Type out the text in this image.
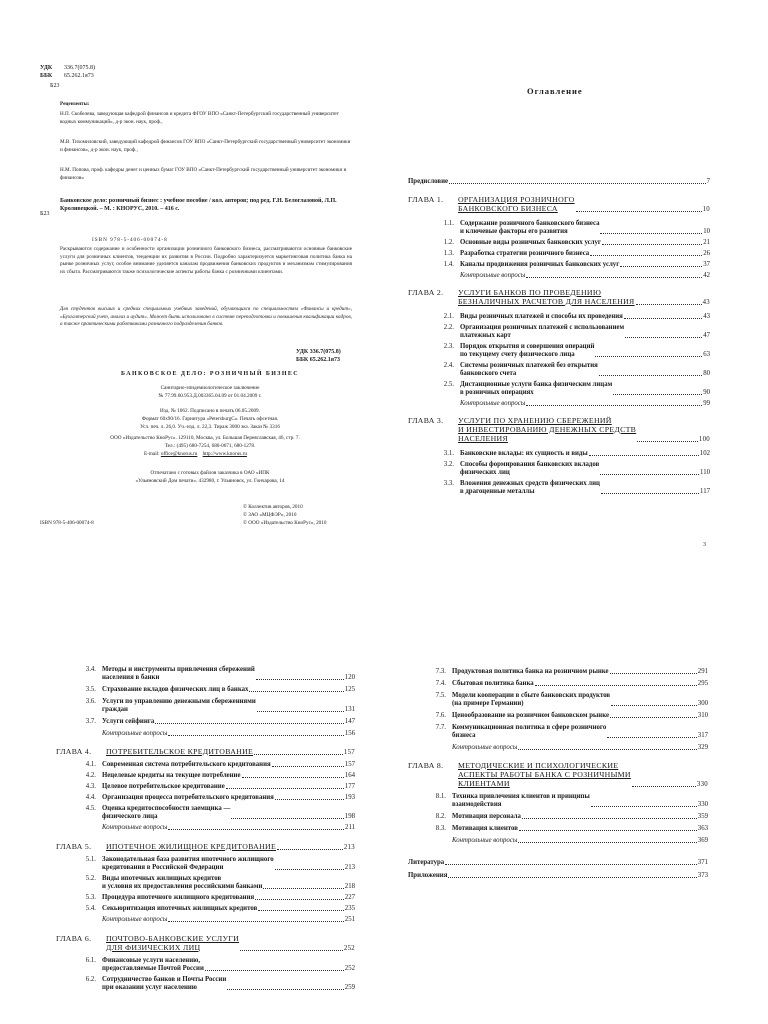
УДК 336.7(075.8)
ББК 65.262.1я73
Б23
Рецензенты:
Н.П. Скобелева, заведующая кафедрой финансов и кредита ФГОУ ВПО «Санкт-Петербургский государственный университет водных коммуникаций», д-р экон. наук, проф.,
М.В. Тихомиловский, заведующий кафедрой финансов ГОУ ВПО «Санкт-Петербургский государственный университет экономики и финансов», д-р экон. наук, проф.,
Н.М. Попова, проф. кафедры денег и ценных бумаг ГОУ ВПО «Санкт-Петербургский государственный университет экономики и финансов»
Б23
Банковское дело: розничный бизнес : учебное пособие / кол. авторов; под ред. Г.Н. Белоглазовой, Л.П. Кроливецкой. – М. : КНОРУС, 2010. – 416 с.
ISBN 978-5-406-00074-8
Раскрываются содержание и особенности организации розничного банковского бизнеса, рассматриваются основные банковские услуги для розничных клиентов, тенденции их развития в России. Подробно характеризуется маркетинговая политика банка на рынке розничных услуг, особое внимание уделяется каналам продвижения банковских продуктов и механизмам стимулирования их сбыта. Рассматриваются также психологические аспекты работы банка с розничными клиентами.
Для студентов высших и средних специальных учебных заведений, обучающихся по специальностям «Финансы и кредит», «Бухгалтерский учет, анализ и аудит». Может быть использовано в системе переподготовки и повышения квалификации кадров, а также практическими работниками розничного подразделения банков.
УДК 336.7(075.8)
ББК 65.262.1я73
БАНКОВСКОЕ ДЕЛО: РОЗНИЧНЫЙ БИЗНЕС
Санитарно-эпидемиологическое заключение
№ 77.99.60.953.Д.003365.04.09 от 01.04.2009 г.
Изд. № 1062. Подписано в печать 06.05.2009.
Формат 60х90/16. Гарнитура «PetersburgC». Печать офсетная.
Усл. печ. л. 26,0. Уч.-изд. л. 22,3. Тираж 3000 экз. Заказ № 3316
ООО «Издательство КноРус». 129110, Москва, ул. Большая Переяславская, 46, стр. 7.
Тел.: (495) 680-7254, 680-0671, 680-1278.
E-mail: office@knorus.ru http://www.knorus.ru
Отпечатано с готовых файлов заказчика в ОАО «ИПК
«Ульяновский Дом печати». 432980, г. Ульяновск, ул. Гончарова, 14
© Коллектив авторов, 2010
© ЗАО «МЦФЭР», 2010
ISBN 978-5-406-00074-8	© ООО «Издательство КноРус», 2010
Оглавление
Предисловие	7
ГЛАВА 1.	ОРГАНИЗАЦИЯ РОЗНИЧНОГО
БАНКОВСКОГО БИЗНЕСА	10
1.1. Содержание розничного банковского бизнеса
и ключевые факторы его развития	10
1.2. Основные виды розничных банковских услуг	21
1.3. Разработка стратегии розничного бизнеса	26
1.4. Каналы продвижения розничных банковских услуг	37
Контрольные вопросы	42
ГЛАВА 2.	УСЛУГИ БАНКОВ ПО ПРОВЕДЕНИЮ
БЕЗНАЛИЧНЫХ РАСЧЕТОВ ДЛЯ НАСЕЛЕНИЯ	43
2.1. Виды розничных платежей и способы их проведения	43
2.2. Организация розничных платежей с использованием
платежных карт	47
2.3. Порядок открытия и совершения операций
по текущему счету физического лица	63
2.4. Системы розничных платежей без открытия
банковского счета	80
2.5. Дистанционные услуги банка физическим лицам
в розничных операциях	90
Контрольные вопросы	99
ГЛАВА 3.	УСЛУГИ ПО ХРАНЕНИЮ СБЕРЕЖЕНИЙ
И ИНВЕСТИРОВАНИЮ ДЕНЕЖНЫХ СРЕДСТВ
НАСЕЛЕНИЯ	100
3.1. Банковские вклады: их сущность и виды	102
3.2. Способы формирования банковских вкладов
физических лиц	110
3.3. Вложения денежных средств физических лиц
в драгоценные металлы	117
3
3.4. Методы и инструменты привлечения сбережений
населения в банки	120
3.5. Страхование вкладов физических лиц в банках	125
3.6. Услуги по управлению денежными сбережениями
граждан	131
3.7. Услуги сейфинга	147
Контрольные вопросы	156
ГЛАВА 4.	ПОТРЕБИТЕЛЬСКОЕ КРЕДИТОВАНИЕ	157
4.1. Современная система потребительского кредитования	157
4.2. Нецелевые кредиты на текущее потребление	164
4.3. Целевое потребительское кредитование	177
4.4. Организация процесса потребительского кредитования	193
4.5. Оценка кредитоспособности заемщика —
физического лица	198
Контрольные вопросы	211
ГЛАВА 5.	ИПОТЕЧНОЕ ЖИЛИЩНОЕ КРЕДИТОВАНИЕ	213
5.1. Законодательная база развития ипотечного жилищного
кредитования в Российской Федерации	213
5.2. Виды ипотечных жилищных кредитов
и условия их предоставления российскими банками	218
5.3. Процедура ипотечного жилищного кредитования	227
5.4. Секьюритизация ипотечных жилищных кредитов	235
Контрольные вопросы	251
ГЛАВА 6.	ПОЧТОВО-БАНКОВСКИЕ УСЛУГИ
ДЛЯ ФИЗИЧЕСКИХ ЛИЦ	252
6.1. Финансовые услуги населению,
предоставляемые Почтой России	252
6.2. Сотрудничество банков и Почты России
при оказании услуг населению	259
7.3. Продуктовая политика банка на розничном рынке	291
7.4. Сбытовая политика банка	295
7.5. Модели кооперации в сбыте банковских продуктов
(на примере Германии)	300
7.6. Ценообразование на розничном банковском рынке	310
7.7. Коммуникационная политика в сфере розничного
бизнеса	317
Контрольные вопросы	329
ГЛАВА 8.	МЕТОДИЧЕСКИЕ И ПСИХОЛОГИЧЕСКИЕ
АСПЕКТЫ РАБОТЫ БАНКА С РОЗНИЧНЫМИ
КЛИЕНТАМИ	330
8.1. Техника привлечения клиентов и принципы
взаимодействия	330
8.2. Мотивация персонала	359
8.3. Мотивация клиентов	363
Контрольные вопросы	369
Литература	371
Приложения	373
